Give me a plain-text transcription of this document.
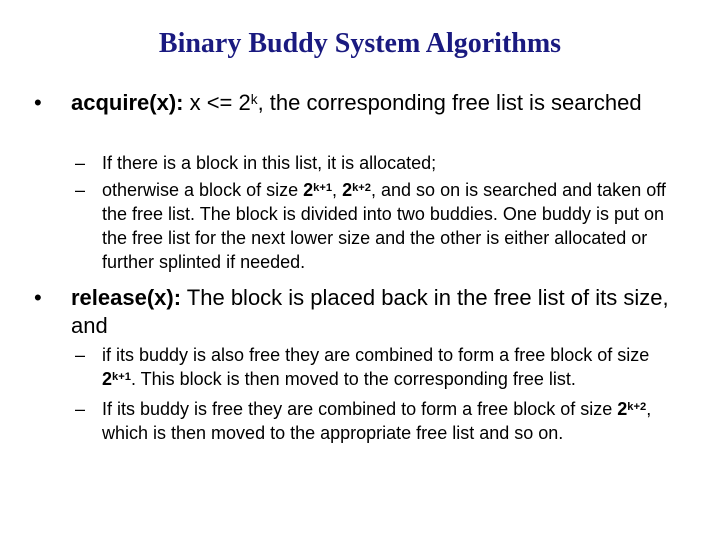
Binary Buddy System Algorithms
• acquire(x): $x <= 2^k$, the corresponding free list is searched
– If there is a block in this list, it is allocated;
– otherwise a block of size $2^{k+1}$, $2^{k+2}$, and so on is searched and taken off the free list. The block is divided into two buddies. One buddy is put on the free list for the next lower size and the other is either allocated or further splinted if needed.
• release(x): The block is placed back in the free list of its size, and
– if its buddy is also free they are combined to form a free block of size $2^{k+1}$. This block is then moved to the corresponding free list.
– If its buddy is free they are combined to form a free block of size $2^{k+2}$, which is then moved to the appropriate free list and so on.
